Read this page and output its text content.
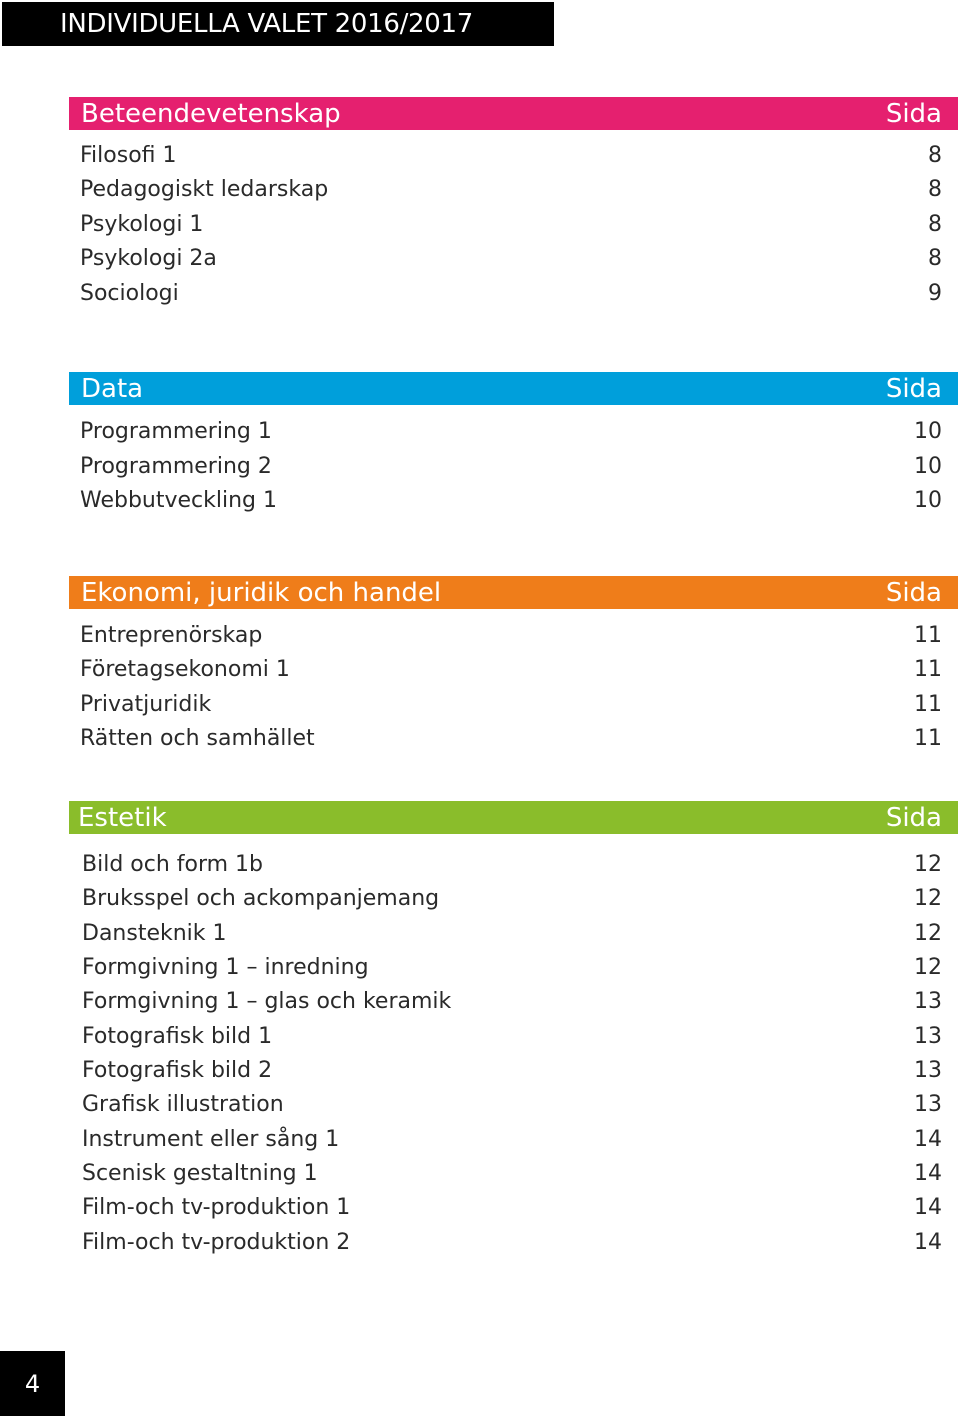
INDIVIDUELLA VALET 2016/2017
Beteendevetenskap	Sida
Filosofi 1	8
Pedagogiskt ledarskap	8
Psykologi 1	8
Psykologi 2a	8
Sociologi	9
Data	Sida
Programmering 1	10
Programmering 2	10
Webbutveckling 1	10
Ekonomi, juridik och handel	Sida
Entreprenörskap	11
Företagsekonomi 1	11
Privatjuridik	11
Rätten och samhället	11
Estetik	Sida
Bild och form 1b	12
Bruksspel och ackompanjemang	12
Dansteknik 1	12
Formgivning 1 – inredning	12
Formgivning 1 – glas och keramik	13
Fotografisk bild 1	13
Fotografisk bild 2	13
Grafisk illustration	13
Instrument eller sång 1	14
Scenisk gestaltning 1	14
Film-och tv-produktion 1	14
Film-och tv-produktion 2	14
4
